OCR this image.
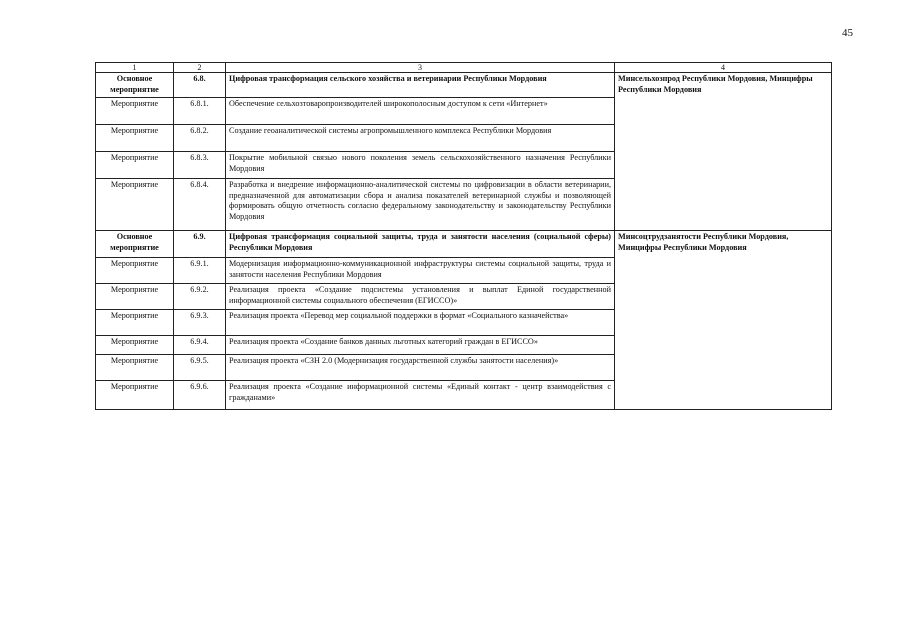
45
1	2	3	4
Основное мероприятие	6.8.	Цифровая трансформация сельского хозяйства и ветеринарии Республики Мордовия	Минсельхозпрод Республики Мордовия, Минцифры Республики Мордовия
Мероприятие	6.8.1.	Обеспечение сельхозтоваропроизводителей широкополосным доступом к сети «Интернет»	
Мероприятие	6.8.2.	Создание геоаналитической системы агропромышленного комплекса Республики Мордовия	
Мероприятие	6.8.3.	Покрытие мобильной связью нового поколения земель сельскохозяйственного назначения Республики Мордовия	
Мероприятие	6.8.4.	Разработка и внедрение информационно-аналитической системы по цифровизации в области ветеринарии, предназначенной для автоматизации сбора и анализа показателей ветеринарной службы и позволяющей формировать общую отчетность согласно федеральному законодательству и законодательству Республики Мордовия	
Основное мероприятие	6.9.	Цифровая трансформация социальной защиты, труда и занятости населения (социальной сферы) Республики Мордовия	Минсоцтрудзанятости Республики Мордовия, Минцифры Республики Мордовия
Мероприятие	6.9.1.	Модернизация информационно-коммуникационной инфраструктуры системы социальной защиты, труда и занятости населения Республики Мордовия	
Мероприятие	6.9.2.	Реализация проекта «Создание подсистемы установления и выплат Единой государственной информационной системы социального обеспечения (ЕГИССО)»	
Мероприятие	6.9.3.	Реализация проекта «Перевод мер социальной поддержки в формат «Социального казначейства»	
Мероприятие	6.9.4.	Реализация проекта «Создание банков данных льготных категорий граждан в ЕГИССО»	
Мероприятие	6.9.5.	Реализация проекта «СЗН 2.0 (Модернизация государственной службы занятости населения)»	
Мероприятие	6.9.6.	Реализация проекта «Создание информационной системы «Единый контакт - центр взаимодействия с гражданами»	
